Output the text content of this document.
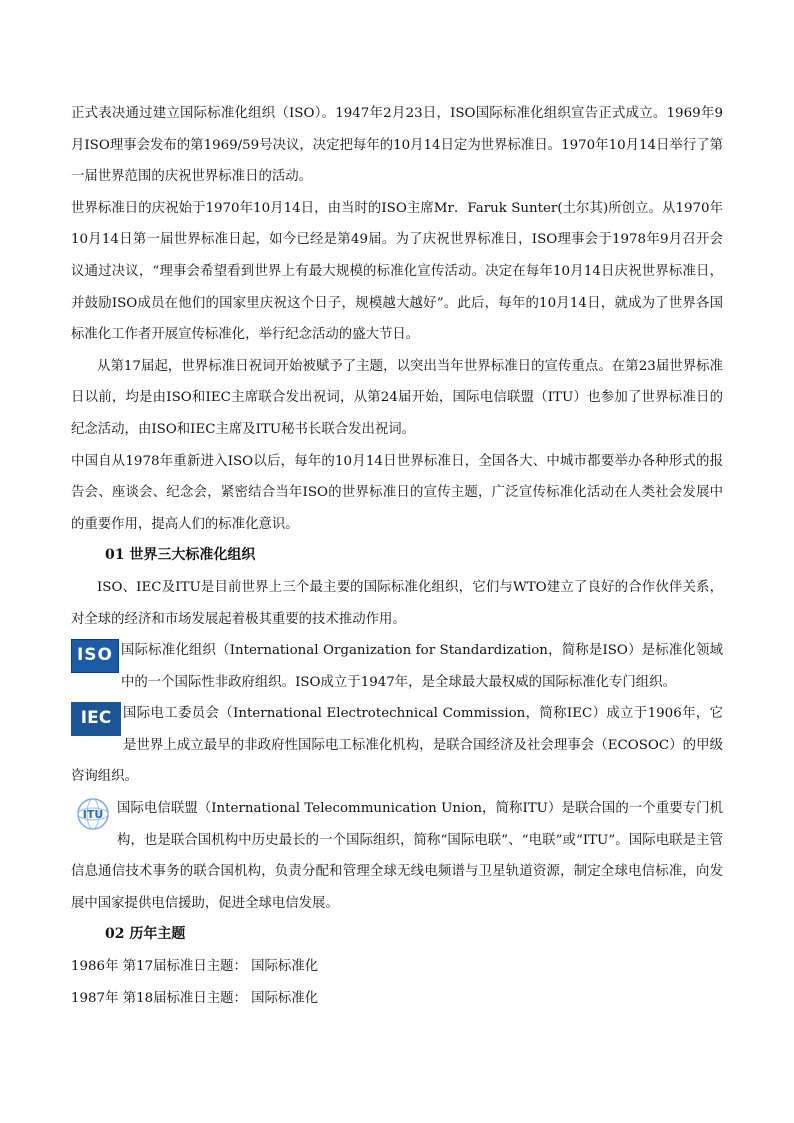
正式表决通过建立国际标准化组织（ISO）。1947年2月23日，ISO国际标准化组织宣告正式成立。1969年9月ISO理事会发布的第1969/59号决议，决定把每年的10月14日定为世界标准日。1970年10月14日举行了第一届世界范围的庆祝世界标准日的活动。

世界标准日的庆祝始于1970年10月14日，由当时的ISO主席Mr．Faruk Sunter(土尔其)所创立。从1970年10月14日第一届世界标准日起，如今已经是第49届。为了庆祝世界标准日，ISO理事会于1978年9月召开会议通过决议，“理事会希望看到世界上有最大规模的标准化宣传活动。决定在每年10月14日庆祝世界标准日，并鼓励ISO成员在他们的国家里庆祝这个日子，规模越大越好”。此后，每年的10月14日，就成为了世界各国标准化工作者开展宣传标准化，举行纪念活动的盛大节日。

从第17届起，世界标准日祝词开始被赋予了主题，以突出当年世界标准日的宣传重点。在第23届世界标准日以前，均是由ISO和IEC主席联合发出祝词，从第24届开始，国际电信联盟（ITU）也参加了世界标准日的纪念活动，由ISO和IEC主席及ITU秘书长联合发出祝词。

中国自从1978年重新进入ISO以后，每年的10月14日世界标准日，全国各大、中城市都要举办各种形式的报告会、座谈会、纪念会，紧密结合当年ISO的世界标准日的宣传主题，广泛宣传标准化活动在人类社会发展中的重要作用，提高人们的标准化意识。

01 世界三大标准化组织

ISO、IEC及ITU是目前世界上三个最主要的国际标准化组织，它们与WTO建立了良好的合作伙伴关系，对全球的经济和市场发展起着极其重要的技术推动作用。

ISO 国际标准化组织（International Organization for Standardization，简称是ISO）是标准化领域中的一个国际性非政府组织。ISO成立于1947年，是全球最大最权威的国际标准化专门组织。

IEC 国际电工委员会（International Electrotechnical Commission，简称IEC）成立于1906年，它是世界上成立最早的非政府性国际电工标准化机构，是联合国经济及社会理事会（ECOSOC）的甲级咨询组织。

ITU	国际电信联盟（International Telecommunication Union，简称ITU）是联合国的一个重要专门机构，也是联合国机构中历史最长的一个国际组织，简称“国际电联”、“电联”或“ITU”。国际电联是主管信息通信技术事务的联合国机构，负责分配和管理全球无线电频谱与卫星轨道资源，制定全球电信标准，向发展中国家提供电信援助，促进全球电信发展。

02 历年主题

1986年 第17届标准日主题： 国际标准化

1987年 第18届标准日主题： 国际标准化
